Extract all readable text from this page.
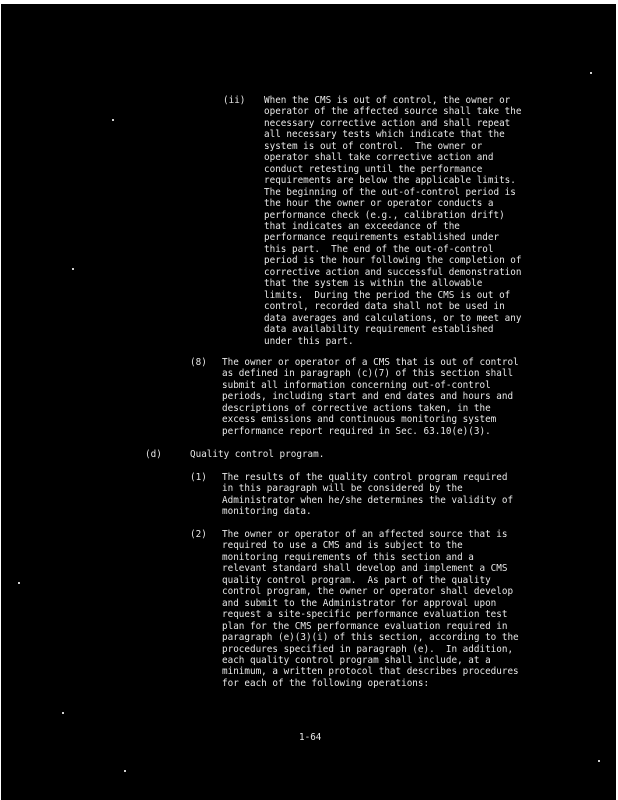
(ii) When the CMS is out of control, the owner or
operator of the affected source shall take the
necessary corrective action and shall repeat
all necessary tests which indicate that the
system is out of control.  The owner or
operator shall take corrective action and
conduct retesting until the performance
requirements are below the applicable limits.
The beginning of the out-of-control period is
the hour the owner or operator conducts a
performance check (e.g., calibration drift)
that indicates an exceedance of the
performance requirements established under
this part.  The end of the out-of-control
period is the hour following the completion of
corrective action and successful demonstration
that the system is within the allowable
limits.  During the period the CMS is out of
control, recorded data shall not be used in
data averages and calculations, or to meet any
data availability requirement established
under this part.
(8) The owner or operator of a CMS that is out of control
as defined in paragraph (c)(7) of this section shall
submit all information concerning out-of-control
periods, including start and end dates and hours and
descriptions of corrective actions taken, in the
excess emissions and continuous monitoring system
performance report required in Sec. 63.10(e)(3).
(d)	Quality control program.
(1) The results of the quality control program required
in this paragraph will be considered by the
Administrator when he/she determines the validity of
monitoring data.
(2) The owner or operator of an affected source that is
required to use a CMS and is subject to the
monitoring requirements of this section and a
relevant standard shall develop and implement a CMS
quality control program.  As part of the quality
control program, the owner or operator shall develop
and submit to the Administrator for approval upon
request a site-specific performance evaluation test
plan for the CMS performance evaluation required in
paragraph (e)(3)(i) of this section, according to the
procedures specified in paragraph (e).  In addition,
each quality control program shall include, at a
minimum, a written protocol that describes procedures
for each of the following operations:
1-64
